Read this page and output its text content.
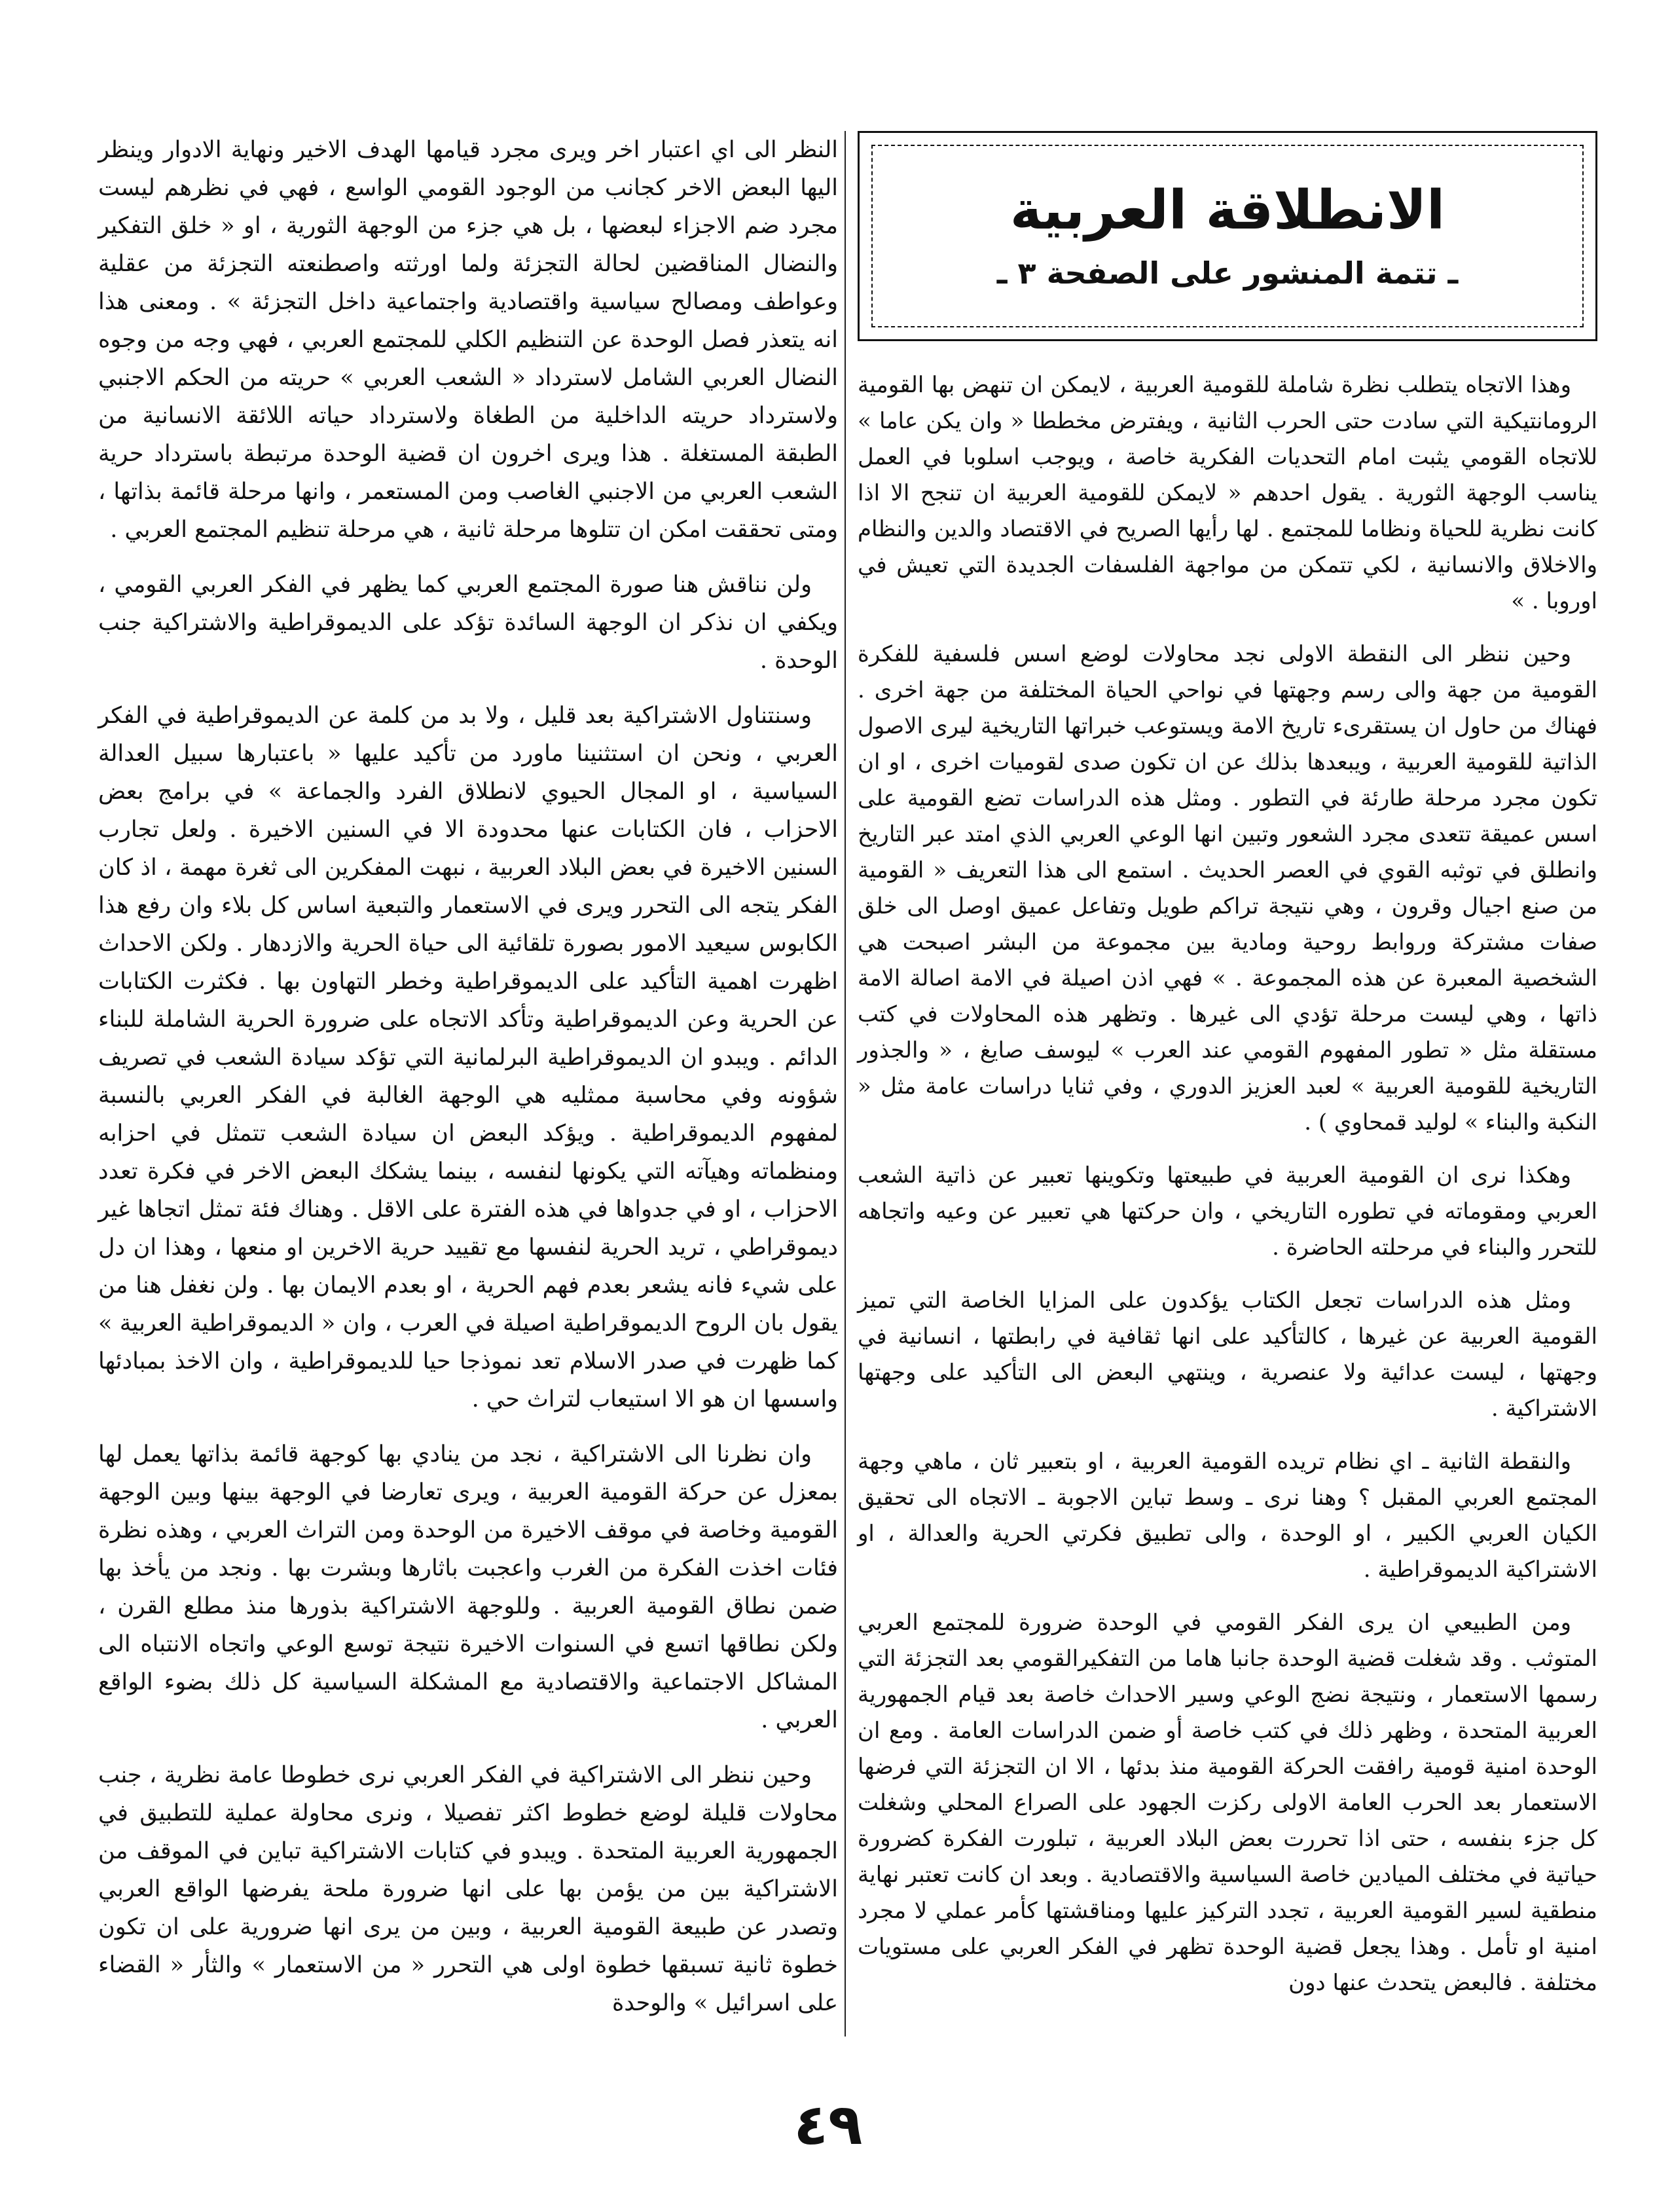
الانطلاقة العربية
ـ تتمة المنشور على الصفحة ٣ ـ

وهذا الاتجاه يتطلب نظرة شاملة للقومية العربية ، لايمكن ان تنهض بها القومية الرومانتيكية التي سادت حتى الحرب الثانية ، ويفترض مخططا « وان يكن عاما » للاتجاه القومي يثبت امام التحديات الفكرية خاصة ، ويوجب اسلوبا في العمل يناسب الوجهة الثورية . يقول احدهم « لايمكن للقومية العربية ان تنجح الا اذا كانت نظرية للحياة ونظاما للمجتمع . لها رأيها الصريح في الاقتصاد والدين والنظام والاخلاق والانسانية ، لكي تتمكن من مواجهة الفلسفات الجديدة التي تعيش في اوروبا . »

وحين ننظر الى النقطة الاولى نجد محاولات لوضع اسس فلسفية للفكرة القومية من جهة والى رسم وجهتها في نواحي الحياة المختلفة من جهة اخرى . فهناك من حاول ان يستقرىء تاريخ الامة ويستوعب خبراتها التاريخية ليرى الاصول الذاتية للقومية العربية ، ويبعدها بذلك عن ان تكون صدى لقوميات اخرى ، او ان تكون مجرد مرحلة طارئة في التطور . ومثل هذه الدراسات تضع القومية على اسس عميقة تتعدى مجرد الشعور وتبين انها الوعي العربي الذي امتد عبر التاريخ وانطلق في توثبه القوي في العصر الحديث . استمع الى هذا التعريف « القومية من صنع اجيال وقرون ، وهي نتيجة تراكم طويل وتفاعل عميق اوصل الى خلق صفات مشتركة وروابط روحية ومادية بين مجموعة من البشر اصبحت هي الشخصية المعبرة عن هذه المجموعة . » فهي اذن اصيلة في الامة اصالة الامة ذاتها ، وهي ليست مرحلة تؤدي الى غيرها . وتظهر هذه المحاولات في كتب مستقلة مثل « تطور المفهوم القومي عند العرب » ليوسف صايغ ، « والجذور التاريخية للقومية العربية » لعبد العزيز الدوري ، وفي ثنايا دراسات عامة مثل « النكبة والبناء » لوليد قمحاوي ) .

وهكذا نرى ان القومية العربية في طبيعتها وتكوينها تعبير عن ذاتية الشعب العربي ومقوماته في تطوره التاريخي ، وان حركتها هي تعبير عن وعيه واتجاهه للتحرر والبناء في مرحلته الحاضرة .

ومثل هذه الدراسات تجعل الكتاب يؤكدون على المزايا الخاصة التي تميز القومية العربية عن غيرها ، كالتأكيد على انها ثقافية في رابطتها ، انسانية في وجهتها ، ليست عدائية ولا عنصرية ، وينتهي البعض الى التأكيد على وجهتها الاشتراكية .

والنقطة الثانية ـ اي نظام تريده القومية العربية ، او بتعبير ثان ، ماهي وجهة المجتمع العربي المقبل ؟ وهنا نرى ـ وسط تباين الاجوبة ـ الاتجاه الى تحقيق الكيان العربي الكبير ، او الوحدة ، والى تطبيق فكرتي الحرية والعدالة ، او الاشتراكية الديموقراطية .

ومن الطبيعي ان يرى الفكر القومي في الوحدة ضرورة للمجتمع العربي المتوثب . وقد شغلت قضية الوحدة جانبا هاما من التفكيرالقومي بعد التجزئة التي رسمها الاستعمار ، ونتيجة نضج الوعي وسير الاحداث خاصة بعد قيام الجمهورية العربية المتحدة ، وظهر ذلك في كتب خاصة أو ضمن الدراسات العامة . ومع ان الوحدة امنية قومية رافقت الحركة القومية منذ بدئها ، الا ان التجزئة التي فرضها الاستعمار بعد الحرب العامة الاولى ركزت الجهود على الصراع المحلي وشغلت كل جزء بنفسه ، حتى اذا تحررت بعض البلاد العربية ، تبلورت الفكرة كضرورة حياتية في مختلف الميادين خاصة السياسية والاقتصادية . وبعد ان كانت تعتبر نهاية منطقية لسير القومية العربية ، تجدد التركيز عليها ومناقشتها كأمر عملي لا مجرد امنية او تأمل . وهذا يجعل قضية الوحدة تظهر في الفكر العربي على مستويات مختلفة . فالبعض يتحدث عنها دون

النظر الى اي اعتبار اخر ويرى مجرد قيامها الهدف الاخير ونهاية الادوار وينظر اليها البعض الاخر كجانب من الوجود القومي الواسع ، فهي في نظرهم ليست مجرد ضم الاجزاء لبعضها ، بل هي جزء من الوجهة الثورية ، او « خلق التفكير والنضال المناقضين لحالة التجزئة ولما اورثته واصطنعته التجزئة من عقلية وعواطف ومصالح سياسية واقتصادية واجتماعية داخل التجزئة » . ومعنى هذا انه يتعذر فصل الوحدة عن التنظيم الكلي للمجتمع العربي ، فهي وجه من وجوه النضال العربي الشامل لاسترداد « الشعب العربي » حريته من الحكم الاجنبي ولاسترداد حريته الداخلية من الطغاة ولاسترداد حياته اللائقة الانسانية من الطبقة المستغلة . هذا ويرى اخرون ان قضية الوحدة مرتبطة باسترداد حرية الشعب العربي من الاجنبي الغاصب ومن المستعمر ، وانها مرحلة قائمة بذاتها ، ومتى تحققت امكن ان تتلوها مرحلة ثانية ، هي مرحلة تنظيم المجتمع العربي .

ولن نناقش هنا صورة المجتمع العربي كما يظهر في الفكر العربي القومي ، ويكفي ان نذكر ان الوجهة السائدة تؤكد على الديموقراطية والاشتراكية جنب الوحدة .

وسنتناول الاشتراكية بعد قليل ، ولا بد من كلمة عن الديموقراطية في الفكر العربي ، ونحن ان استثنينا ماورد من تأكيد عليها « باعتبارها سبيل العدالة السياسية ، او المجال الحيوي لانطلاق الفرد والجماعة » في برامج بعض الاحزاب ، فان الكتابات عنها محدودة الا في السنين الاخيرة . ولعل تجارب السنين الاخيرة في بعض البلاد العربية ، نبهت المفكرين الى ثغرة مهمة ، اذ كان الفكر يتجه الى التحرر ويرى في الاستعمار والتبعية اساس كل بلاء وان رفع هذا الكابوس سيعيد الامور بصورة تلقائية الى حياة الحرية والازدهار . ولكن الاحداث اظهرت اهمية التأكيد على الديموقراطية وخطر التهاون بها . فكثرت الكتابات عن الحرية وعن الديموقراطية وتأكد الاتجاه على ضرورة الحرية الشاملة للبناء الدائم . ويبدو ان الديموقراطية البرلمانية التي تؤكد سيادة الشعب في تصريف شؤونه وفي محاسبة ممثليه هي الوجهة الغالبة في الفكر العربي بالنسبة لمفهوم الديموقراطية . ويؤكد البعض ان سيادة الشعب تتمثل في احزابه ومنظماته وهيآته التي يكونها لنفسه ، بينما يشكك البعض الاخر في فكرة تعدد الاحزاب ، او في جدواها في هذه الفترة على الاقل . وهناك فئة تمثل اتجاها غير ديموقراطي ، تريد الحرية لنفسها مع تقييد حرية الاخرين او منعها ، وهذا ان دل على شيء فانه يشعر بعدم فهم الحرية ، او بعدم الايمان بها . ولن نغفل هنا من يقول بان الروح الديموقراطية اصيلة في العرب ، وان « الديموقراطية العربية » كما ظهرت في صدر الاسلام تعد نموذجا حيا للديموقراطية ، وان الاخذ بمبادئها واسسها ان هو الا استيعاب لتراث حي .

وان نظرنا الى الاشتراكية ، نجد من ينادي بها كوجهة قائمة بذاتها يعمل لها بمعزل عن حركة القومية العربية ، ويرى تعارضا في الوجهة بينها وبين الوجهة القومية وخاصة في موقف الاخيرة من الوحدة ومن التراث العربي ، وهذه نظرة فئات اخذت الفكرة من الغرب واعجبت باثارها وبشرت بها . ونجد من يأخذ بها ضمن نطاق القومية العربية . وللوجهة الاشتراكية بذورها منذ مطلع القرن ، ولكن نطاقها اتسع في السنوات الاخيرة نتيجة توسع الوعي واتجاه الانتباه الى المشاكل الاجتماعية والاقتصادية مع المشكلة السياسية كل ذلك بضوء الواقع العربي .

وحين ننظر الى الاشتراكية في الفكر العربي نرى خطوطا عامة نظرية ، جنب محاولات قليلة لوضع خطوط اكثر تفصيلا ، ونرى محاولة عملية للتطبيق في الجمهورية العربية المتحدة . ويبدو في كتابات الاشتراكية تباين في الموقف من الاشتراكية بين من يؤمن بها على انها ضرورة ملحة يفرضها الواقع العربي وتصدر عن طبيعة القومية العربية ، وبين من يرى انها ضرورية على ان تكون خطوة ثانية تسبقها خطوة اولى هي التحرر « من الاستعمار » والثأر « القضاء على اسرائيل » والوحدة

٤٩
